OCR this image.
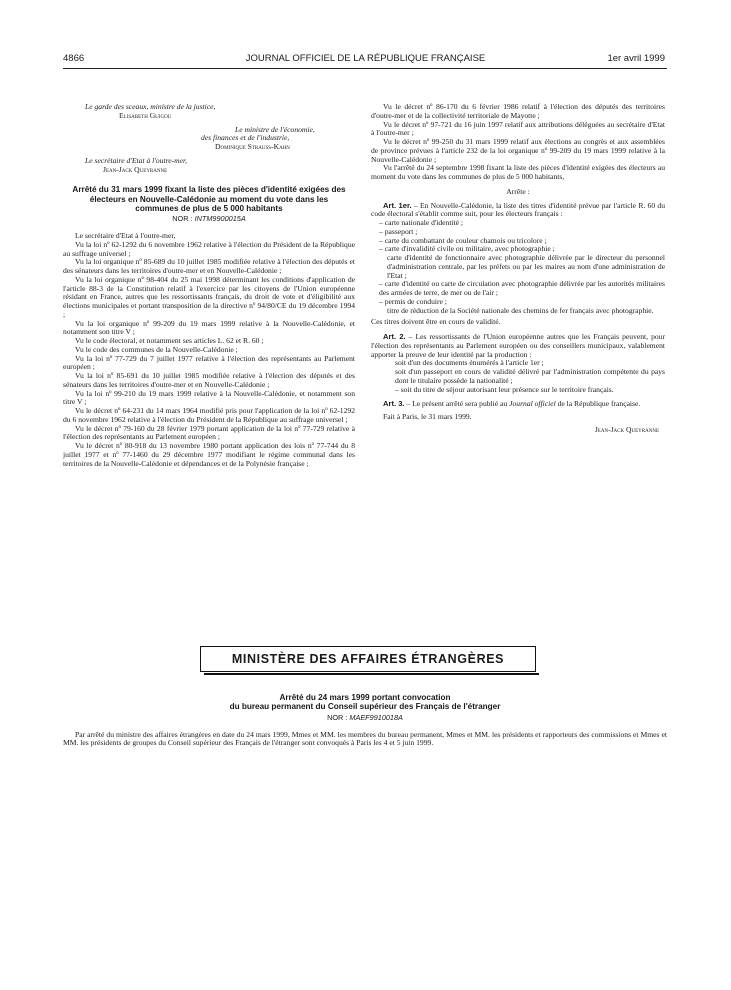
4866	JOURNAL OFFICIEL DE LA RÉPUBLIQUE FRANÇAISE	1er avril 1999

Le garde des sceaux, ministre de la justice,

Elisabeth Guigou

Le ministre de l'économie,

des finances et de l'industrie,

Dominique Strauss-Kahn

Le secrétaire d'Etat à l'outre-mer,

Jean-Jack Queyranne

Arrêté du 31 mars 1999 fixant la liste des pièces d'identité exigées des électeurs en Nouvelle-Calédonie au moment du vote dans les communes de plus de 5 000 habitants
NOR : INTM9900015A

Le secrétaire d'Etat à l'outre-mer,

Vu la loi nº 62-1292 du 6 novembre 1962 relative à l'élection du Président de la République au suffrage universel ;

Vu la loi organique nº 85-689 du 10 juillet 1985 modifiée relative à l'élection des députés et des sénateurs dans les territoires d'outre-mer et en Nouvelle-Calédonie ;

Vu la loi organique nº 98-404 du 25 mai 1998 déterminant les conditions d'application de l'article 88-3 de la Constitution relatif à l'exercice par les citoyens de l'Union européenne résidant en France, autres que les ressortissants français, du droit de vote et d'éligibilité aux élections municipales et portant transposition de la directive nº 94/80/CE du 19 décembre 1994 ;

Vu la loi organique nº 99-209 du 19 mars 1999 relative à la Nouvelle-Calédonie, et notamment son titre V ;

Vu le code électoral, et notamment ses articles L. 62 et R. 60 ;

Vu le code des communes de la Nouvelle-Calédonie ;

Vu la loi nº 77-729 du 7 juillet 1977 relative à l'élection des représentants au Parlement européen ;

Vu la loi nº 85-691 du 10 juillet 1985 modifiée relative à l'élection des députés et des sénateurs dans les territoires d'outre-mer et en Nouvelle-Calédonie ;

Vu la loi nº 99-210 du 19 mars 1999 relative à la Nouvelle-Calédonie, et notamment son titre V ;

Vu le décret nº 64-231 du 14 mars 1964 modifié pris pour l'application de la loi nº 62-1292 du 6 novembre 1962 relative à l'élection du Président de la République au suffrage universel ;

Vu le décret nº 79-160 du 28 février 1979 portant application de la loi nº 77-729 relative à l'élection des représentants au Parlement européen ;

Vu le décret nº 80-918 du 13 novembre 1980 portant application des lois nº 77-744 du 8 juillet 1977 et nº 77-1460 du 29 décembre 1977 modifiant le régime communal dans les territoires de la Nouvelle-Calédonie et dépendances et de la Polynésie française ;

Vu le décret nº 86-170 du 6 février 1986 relatif à l'élection des députés des territoires d'outre-mer et de la collectivité territoriale de Mayotte ;

Vu le décret nº 97-721 du 16 juin 1997 relatif aux attributions déléguées au secrétaire d'Etat à l'outre-mer ;

Vu le décret nº 99-250 du 31 mars 1999 relatif aux élections au congrès et aux assemblées de province prévues à l'article 232 de la loi organique nº 99-209 du 19 mars 1999 relative à la Nouvelle-Calédonie ;

Vu l'arrêté du 24 septembre 1998 fixant la liste des pièces d'identité exigées des électeurs au moment du vote dans les communes de plus de 5 000 habitants,

Arrête :

Art. 1er. – En Nouvelle-Calédonie, la liste des titres d'identité prévue par l'article R. 60 du code électoral s'établit comme suit, pour les électeurs français :

– carte nationale d'identité ;

– passeport ;

– carte du combattant de couleur chamois ou tricolore ;

– carte d'invalidité civile ou militaire, avec photographie ;

carte d'identité de fonctionnaire avec photographie délivrée par le directeur du personnel d'administration centrale, par les préfets ou par les maires au nom d'une administration de l'Etat ;

– carte d'identité ou carte de circulation avec photographie délivrée par les autorités militaires des armées de terre, de mer ou de l'air ;

– permis de conduire ;

titre de réduction de la Société nationale des chemins de fer français avec photographie.

Ces titres doivent être en cours de validité.

Art. 2. – Les ressortissants de l'Union européenne autres que les Français peuvent, pour l'élection des représentants au Parlement européen ou des conseillers municipaux, valablement apporter la preuve de leur identité par la production :

soit d'un des documents énumérés à l'article 1er ;

soit d'un passeport en cours de validité délivré par l'administration compétente du pays dont le titulaire possède la nationalité ;

– soit du titre de séjour autorisant leur présence sur le territoire français.

Art. 3. – Le présent arrêté sera publié au Journal officiel de la République française.

Fait à Paris, le 31 mars 1999.

Jean-Jack Queyranne

MINISTÈRE DES AFFAIRES ÉTRANGÈRES
Arrêté du 24 mars 1999 portant convocation
du bureau permanent du Conseil supérieur des Français de l'étranger
NOR : MAEF9910018A

Par arrêté du ministre des affaires étrangères en date du 24 mars 1999, Mmes et MM. les membres du bureau permanent, Mmes et MM. les présidents et rapporteurs des commissions et Mmes et MM. les présidents de groupes du Conseil supérieur des Français de l'étranger sont convoqués à Paris les 4 et 5 juin 1999.
